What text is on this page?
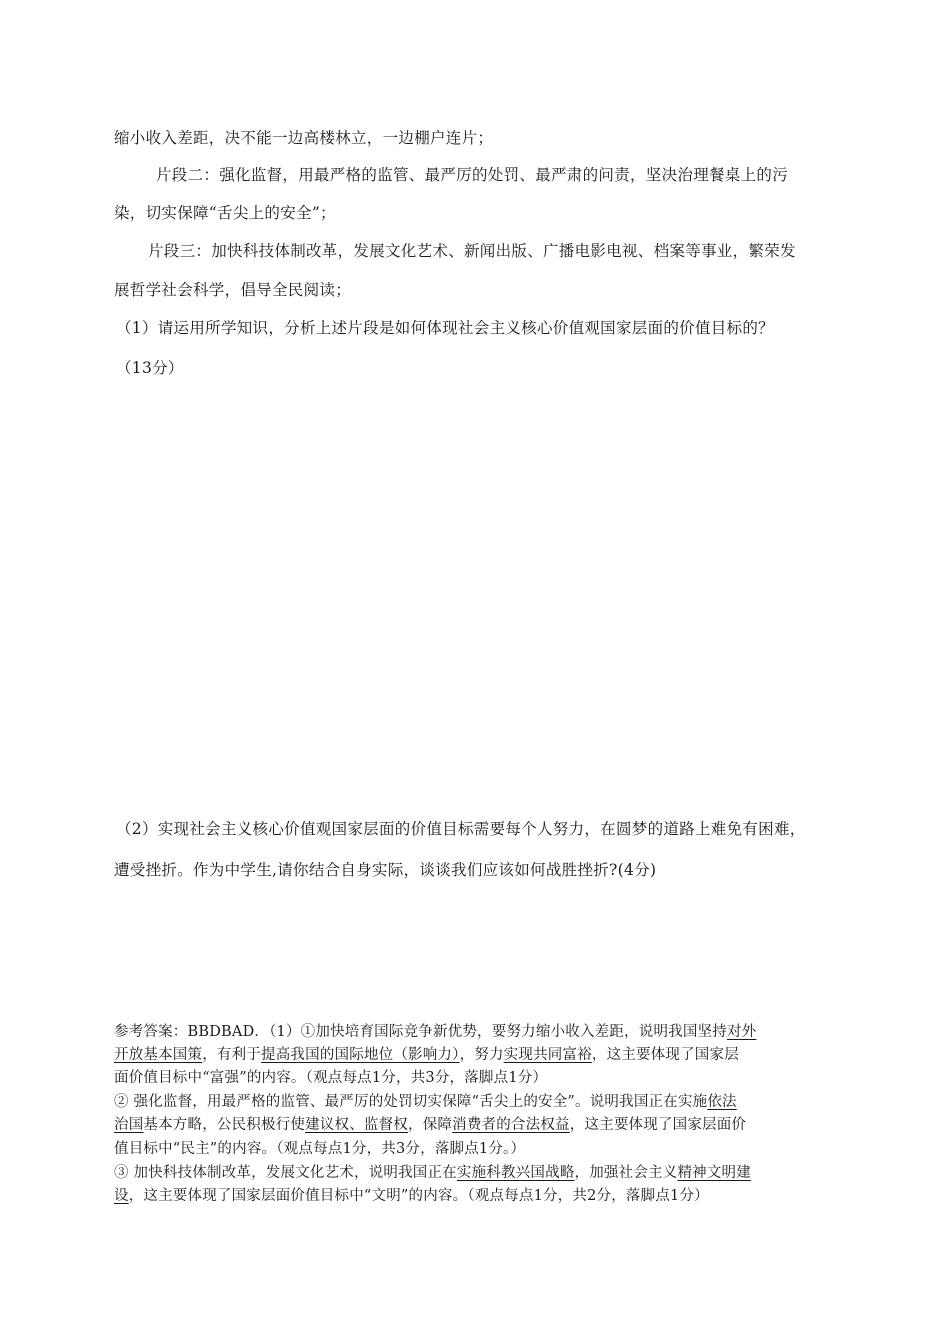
缩小收入差距，决不能一边高楼林立，一边棚户连片；
片段二：强化监督，用最严格的监管、最严厉的处罚、最严肃的问责，坚决治理餐桌上的污
染，切实保障“舌尖上的安全”；
片段三：加快科技体制改革，发展文化艺术、新闻出版、广播电影电视、档案等事业，繁荣发
展哲学社会科学，倡导全民阅读；
（1）请运用所学知识，分析上述片段是如何体现社会主义核心价值观国家层面的价值目标的？
（13分）
（2）实现社会主义核心价值观国家层面的价值目标需要每个人努力，在圆梦的道路上难免有困难，
遭受挫折。作为中学生,请你结合自身实际，谈谈我们应该如何战胜挫折?(4分)
参考答案：BBDBAD．（1）①加快培育国际竞争新优势，要努力缩小收入差距，说明我国坚持对外
开放基本国策，有利于提高我国的国际地位（影响力），努力实现共同富裕，这主要体现了国家层
面价值目标中“富强”的内容。（观点每点1分，共3分，落脚点1分）
② 强化监督，用最严格的监管、最严厉的处罚切实保障“舌尖上的安全”。说明我国正在实施依法
治国基本方略，公民积极行使建议权、监督权，保障消费者的合法权益，这主要体现了国家层面价
值目标中“民主”的内容。（观点每点1分，共3分，落脚点1分。）
③ 加快科技体制改革，发展文化艺术，说明我国正在实施科教兴国战略，加强社会主义精神文明建
设，这主要体现了国家层面价值目标中“文明”的内容。（观点每点1分，共2分，落脚点1分）
